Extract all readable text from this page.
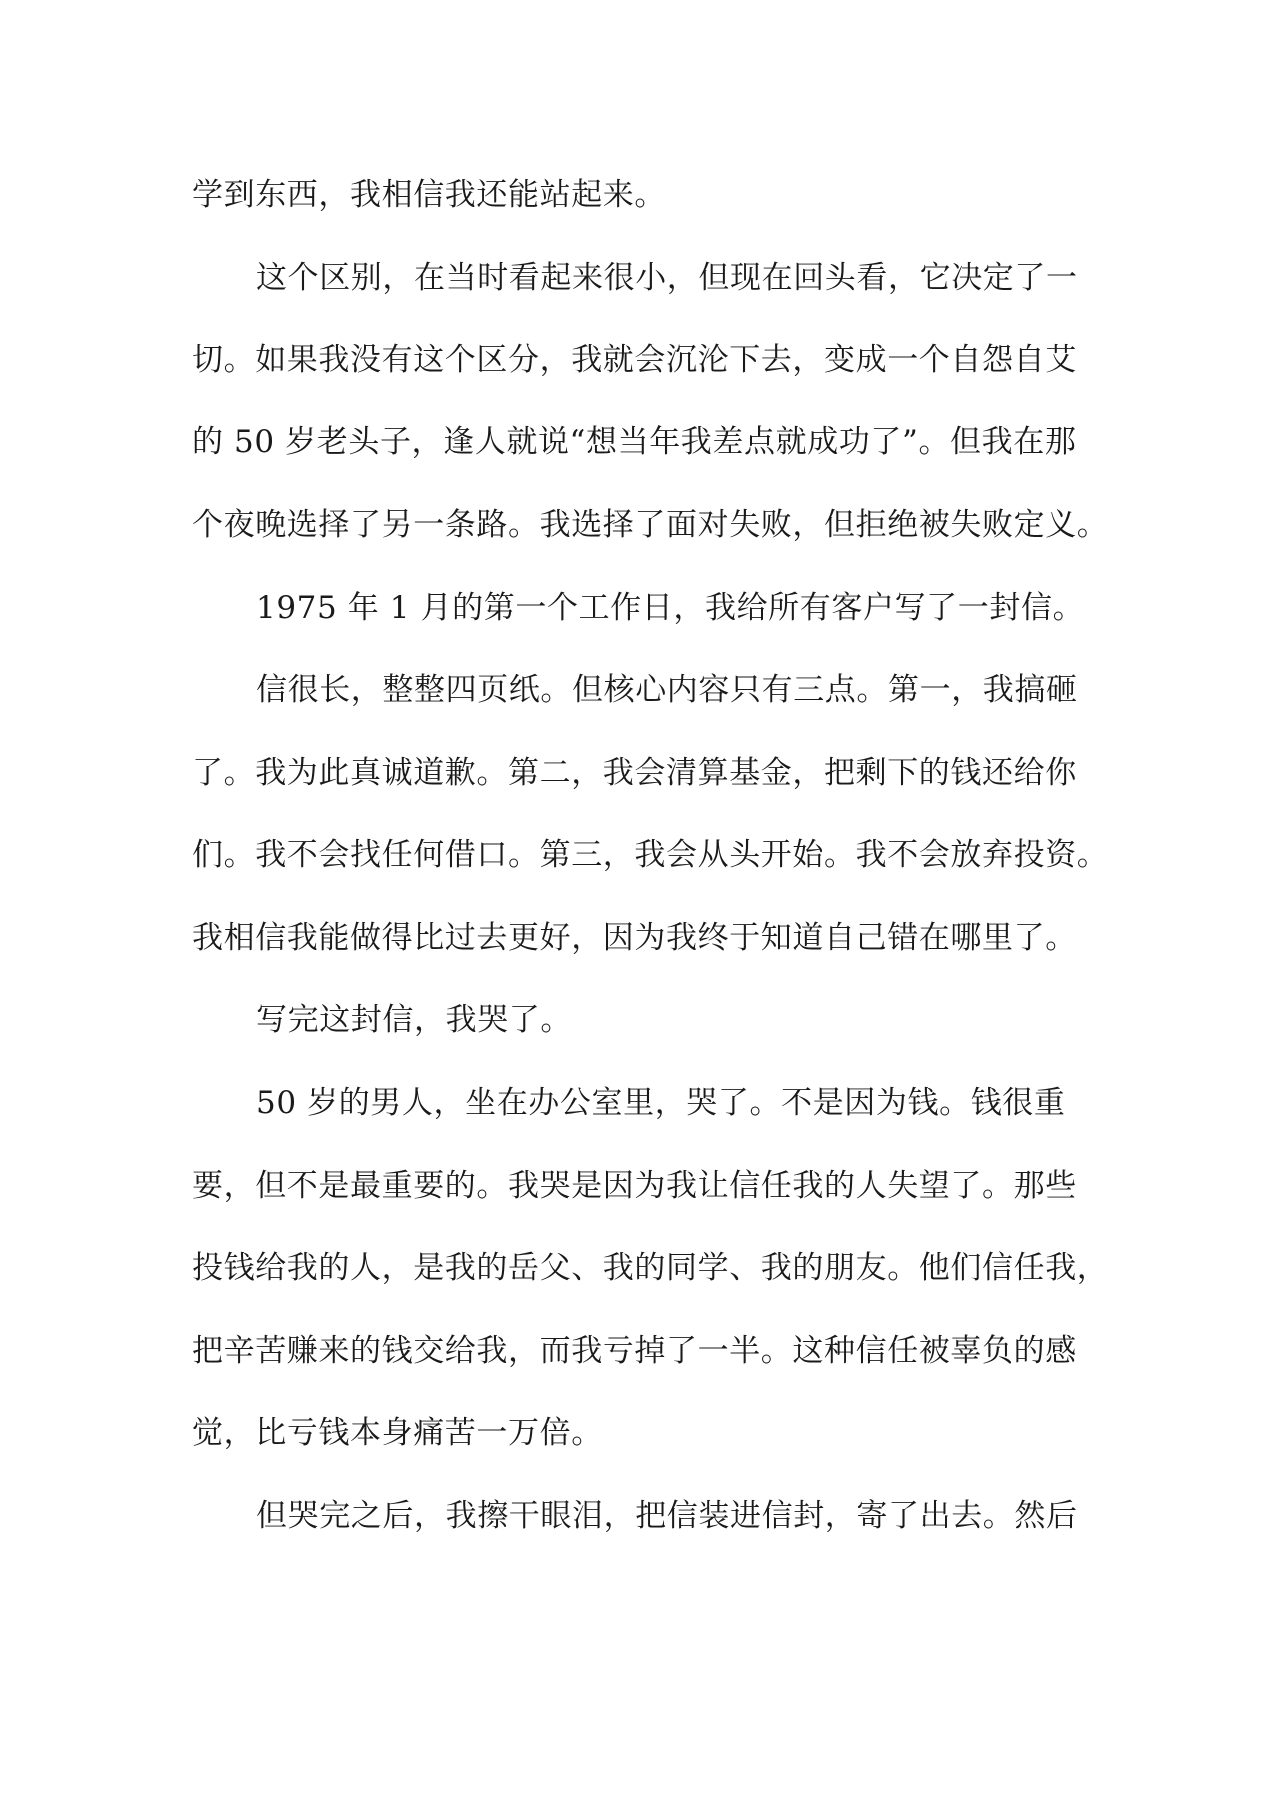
学到东西，我相信我还能站起来。
这个区别，在当时看起来很小，但现在回头看，它决定了一
切。如果我没有这个区分，我就会沉沦下去，变成一个自怨自艾
的 50 岁老头子，逢人就说“想当年我差点就成功了”。但我在那
个夜晚选择了另一条路。我选择了面对失败，但拒绝被失败定义。
1975 年 1 月的第一个工作日，我给所有客户写了一封信。
信很长，整整四页纸。但核心内容只有三点。第一，我搞砸
了。我为此真诚道歉。第二，我会清算基金，把剩下的钱还给你
们。我不会找任何借口。第三，我会从头开始。我不会放弃投资。
我相信我能做得比过去更好，因为我终于知道自己错在哪里了。
写完这封信，我哭了。
50 岁的男人，坐在办公室里，哭了。不是因为钱。钱很重
要，但不是最重要的。我哭是因为我让信任我的人失望了。那些
投钱给我的人，是我的岳父、我的同学、我的朋友。他们信任我，
把辛苦赚来的钱交给我，而我亏掉了一半。这种信任被辜负的感
觉，比亏钱本身痛苦一万倍。
但哭完之后，我擦干眼泪，把信装进信封，寄了出去。然后
